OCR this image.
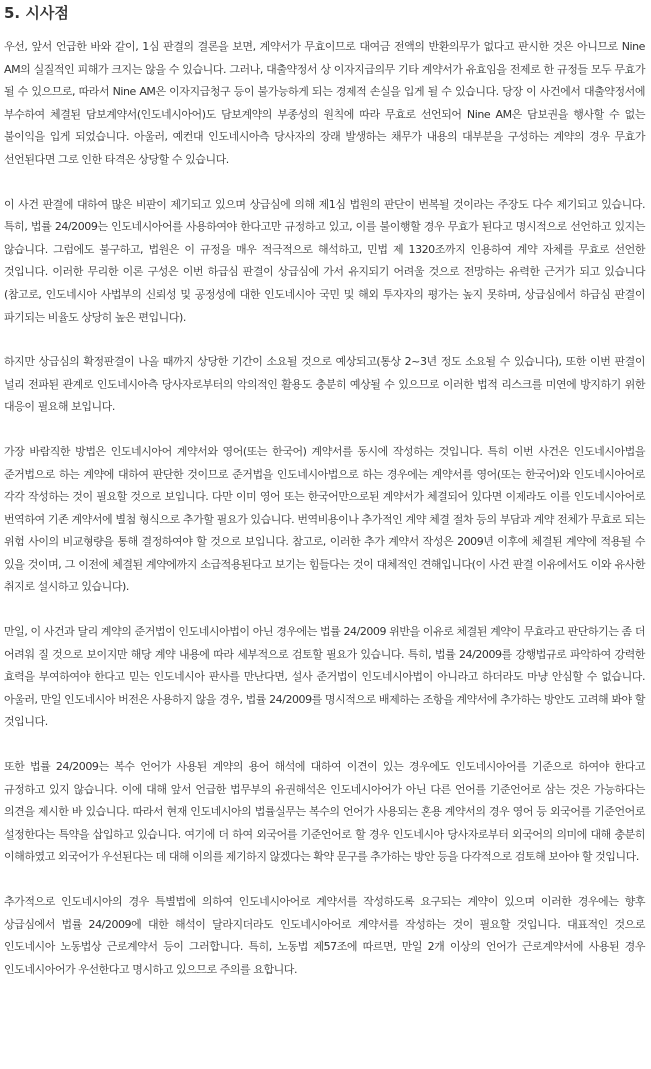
5. 시사점

우선, 앞서 언급한 바와 같이, 1심 판결의 결론을 보면, 계약서가 무효이므로 대여금 전액의 반환의무가 없다고 판시한 것은 아니므로 Nine AM의 실질적인 피해가 크지는 않을 수 있습니다. 그러나, 대출약정서 상 이자지급의무 기타 계약서가 유효임을 전제로 한 규정들 모두 무효가 될 수 있으므로, 따라서 Nine AM은 이자지급청구 등이 불가능하게 되는 경제적 손실을 입게 될 수 있습니다. 당장 이 사건에서 대출약정서에 부수하여 체결된 담보계약서(인도네시아어)도 담보계약의 부종성의 원칙에 따라 무효로 선언되어 Nine AM은 담보권을 행사할 수 없는 불이익을 입게 되었습니다. 아울러, 예컨대 인도네시아측 당사자의 장래 발생하는 채무가 내용의 대부분을 구성하는 계약의 경우 무효가 선언된다면 그로 인한 타격은 상당할 수 있습니다.

이 사건 판결에 대하여 많은 비판이 제기되고 있으며 상급심에 의해 제1심 법원의 판단이 번복될 것이라는 주장도 다수 제기되고 있습니다. 특히, 법률 24/2009는 인도네시아어를 사용하여야 한다고만 규정하고 있고, 이를 불이행할 경우 무효가 된다고 명시적으로 선언하고 있지는 않습니다. 그럼에도 불구하고, 법원은 이 규정을 매우 적극적으로 해석하고, 민법 제 1320조까지 인용하여 계약 자체를 무효로 선언한 것입니다. 이러한 무리한 이론 구성은 이번 하급심 판결이 상급심에 가서 유지되기 어려울 것으로 전망하는 유력한 근거가 되고 있습니다(참고로, 인도네시아 사법부의 신뢰성 및 공정성에 대한 인도네시아 국민 및 해외 투자자의 평가는 높지 못하며, 상급심에서 하급심 판결이 파기되는 비율도 상당히 높은 편입니다).

하지만 상급심의 확정판결이 나올 때까지 상당한 기간이 소요될 것으로 예상되고(통상 2~3년 정도 소요될 수 있습니다), 또한 이번 판결이 널리 전파된 관계로 인도네시아측 당사자로부터의 악의적인 활용도 충분히 예상될 수 있으므로 이러한 법적 리스크를 미연에 방지하기 위한 대응이 필요해 보입니다.

가장 바람직한 방법은 인도네시아어 계약서와 영어(또는 한국어) 계약서를 동시에 작성하는 것입니다. 특히 이번 사건은 인도네시아법을 준거법으로 하는 계약에 대하여 판단한 것이므로 준거법을 인도네시아법으로 하는 경우에는 계약서를 영어(또는 한국어)와 인도네시아어로 각각 작성하는 것이 필요할 것으로 보입니다. 다만 이미 영어 또는 한국어만으로된 계약서가 체결되어 있다면 이제라도 이를 인도네시아어로 번역하여 기존 계약서에 별첨 형식으로 추가할 필요가 있습니다. 번역비용이나 추가적인 계약 체결 절차 등의 부담과 계약 전체가 무효로 되는 위험 사이의 비교형량을 통해 결정하여야 할 것으로 보입니다. 참고로, 이러한 추가 계약서 작성은 2009년 이후에 체결된 계약에 적용될 수 있을 것이며, 그 이전에 체결된 계약에까지 소급적용된다고 보기는 힘들다는 것이 대체적인 견해입니다(이 사건 판결 이유에서도 이와 유사한 취지로 설시하고 있습니다).

만일, 이 사건과 달리 계약의 준거법이 인도네시아법이 아닌 경우에는 법률 24/2009 위반을 이유로 체결된 계약이 무효라고 판단하기는 좀 더 어려워 질 것으로 보이지만 해당 계약 내용에 따라 세부적으로 검토할 필요가 있습니다. 특히, 법률 24/2009를 강행법규로 파악하여 강력한 효력을 부여하여야 한다고 믿는 인도네시아 판사를 만난다면, 설사 준거법이 인도네시아법이 아니라고 하더라도 마냥 안심할 수 없습니다. 아울러, 만일 인도네시아 버전은 사용하지 않을 경우, 법률 24/2009를 명시적으로 배제하는 조항을 계약서에 추가하는 방안도 고려해 봐야 할 것입니다.

또한 법률 24/2009는 복수 언어가 사용된 계약의 용어 해석에 대하여 이견이 있는 경우에도 인도네시아어를 기준으로 하여야 한다고 규정하고 있지 않습니다. 이에 대해 앞서 언급한 법무부의 유권해석은 인도네시아어가 아닌 다른 언어를 기준언어로 삼는 것은 가능하다는 의견을 제시한 바 있습니다. 따라서 현재 인도네시아의 법률실무는 복수의 언어가 사용되는 혼용 계약서의 경우 영어 등 외국어를 기준언어로 설정한다는 특약을 삽입하고 있습니다. 여기에 더 하여 외국어를 기준언어로 할 경우 인도네시아 당사자로부터 외국어의 의미에 대해 충분히 이해하였고 외국어가 우선된다는 데 대해 이의를 제기하지 않겠다는 확약 문구를 추가하는 방안 등을 다각적으로 검토해 보아야 할 것입니다.

추가적으로 인도네시아의 경우 특별법에 의하여 인도네시아어로 계약서를 작성하도록 요구되는 계약이 있으며 이러한 경우에는 향후 상급심에서 법률 24/2009에 대한 해석이 달라지더라도 인도네시아어로 계약서를 작성하는 것이 필요할 것입니다. 대표적인 것으로 인도네시아 노동법상 근로계약서 등이 그러합니다. 특히, 노동법 제57조에 따르면, 만일 2개 이상의 언어가 근로계약서에 사용된 경우 인도네시아어가 우선한다고 명시하고 있으므로 주의를 요합니다.
